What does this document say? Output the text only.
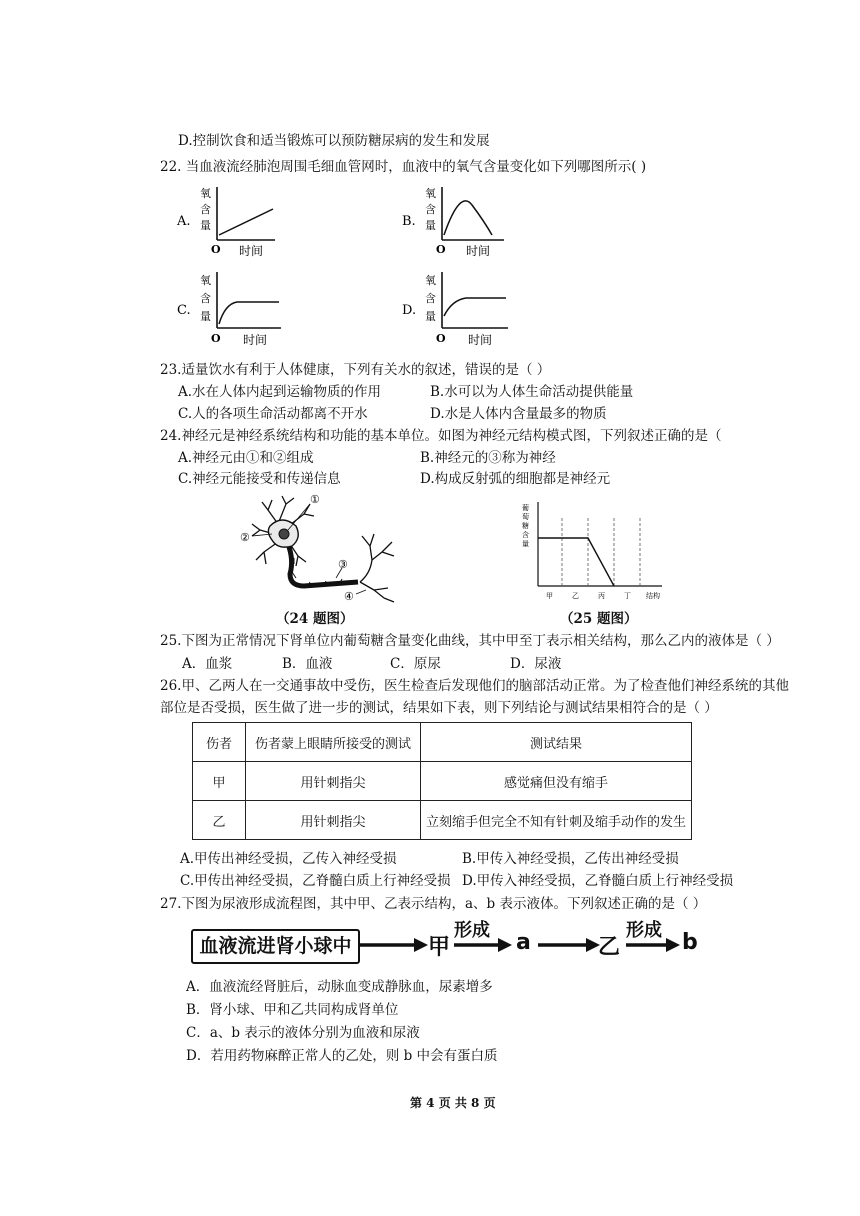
D.控制饮食和适当锻炼可以预防糖尿病的发生和发展
22. 当血液流经肺泡周围毛细血管网时，血液中的氧气含量变化如下列哪图所示( )
A.
氧
含
量
O 时间
B.
氧
含
量
O 时间
C.
氧
含
量
O 时间
D.
氧
含
量
O 时间
23.适量饮水有利于人体健康，下列有关水的叙述，错误的是（ ）
A.水在人体内起到运输物质的作用	B.水可以为人体生命活动提供能量
C.人的各项生命活动都离不开水	D.水是人体内含量最多的物质
24.神经元是神经系统结构和功能的基本单位。如图为神经元结构模式图，下列叙述正确的是（
A.神经元由①和②组成	B.神经元的③称为神经
C.神经元能接受和传递信息	D.构成反射弧的细胞都是神经元
①
②
③
④
（24 题图）
葡
萄
糖
含
量
甲	乙	丙	丁 结构
（25 题图）
25.下图为正常情况下肾单位内葡萄糖含量变化曲线，其中甲至丁表示相关结构，那么乙内的液体是（ ）
A．血浆	B．血液	C．原尿	D．尿液
26.甲、乙两人在一交通事故中受伤，医生检查后发现他们的脑部活动正常。为了检查他们神经系统的其他
部位是否受损，医生做了进一步的测试，结果如下表，则下列结论与测试结果相符合的是（ ）
伤者	伤者蒙上眼睛所接受的测试	测试结果
甲	用针刺指尖	感觉痛但没有缩手
乙	用针刺指尖	立刻缩手但完全不知有针刺及缩手动作的发生
A.甲传出神经受损，乙传入神经受损	B.甲传入神经受损，乙传出神经受损
C.甲传出神经受损，乙脊髓白质上行神经受损 D.甲传入神经受损，乙脊髓白质上行神经受损
27.下图为尿液形成流程图，其中甲、乙表示结构，a、b 表示液体。下列叙述正确的是（ ）
血液流进肾小球中	甲
形成 a	乙
形成 b
A．血液流经肾脏后，动脉血变成静脉血，尿素增多
B．肾小球、甲和乙共同构成肾单位
C．a、b 表示的液体分别为血液和尿液
D．若用药物麻醉正常人的乙处，则 b 中会有蛋白质
第 4 页 共 8 页
